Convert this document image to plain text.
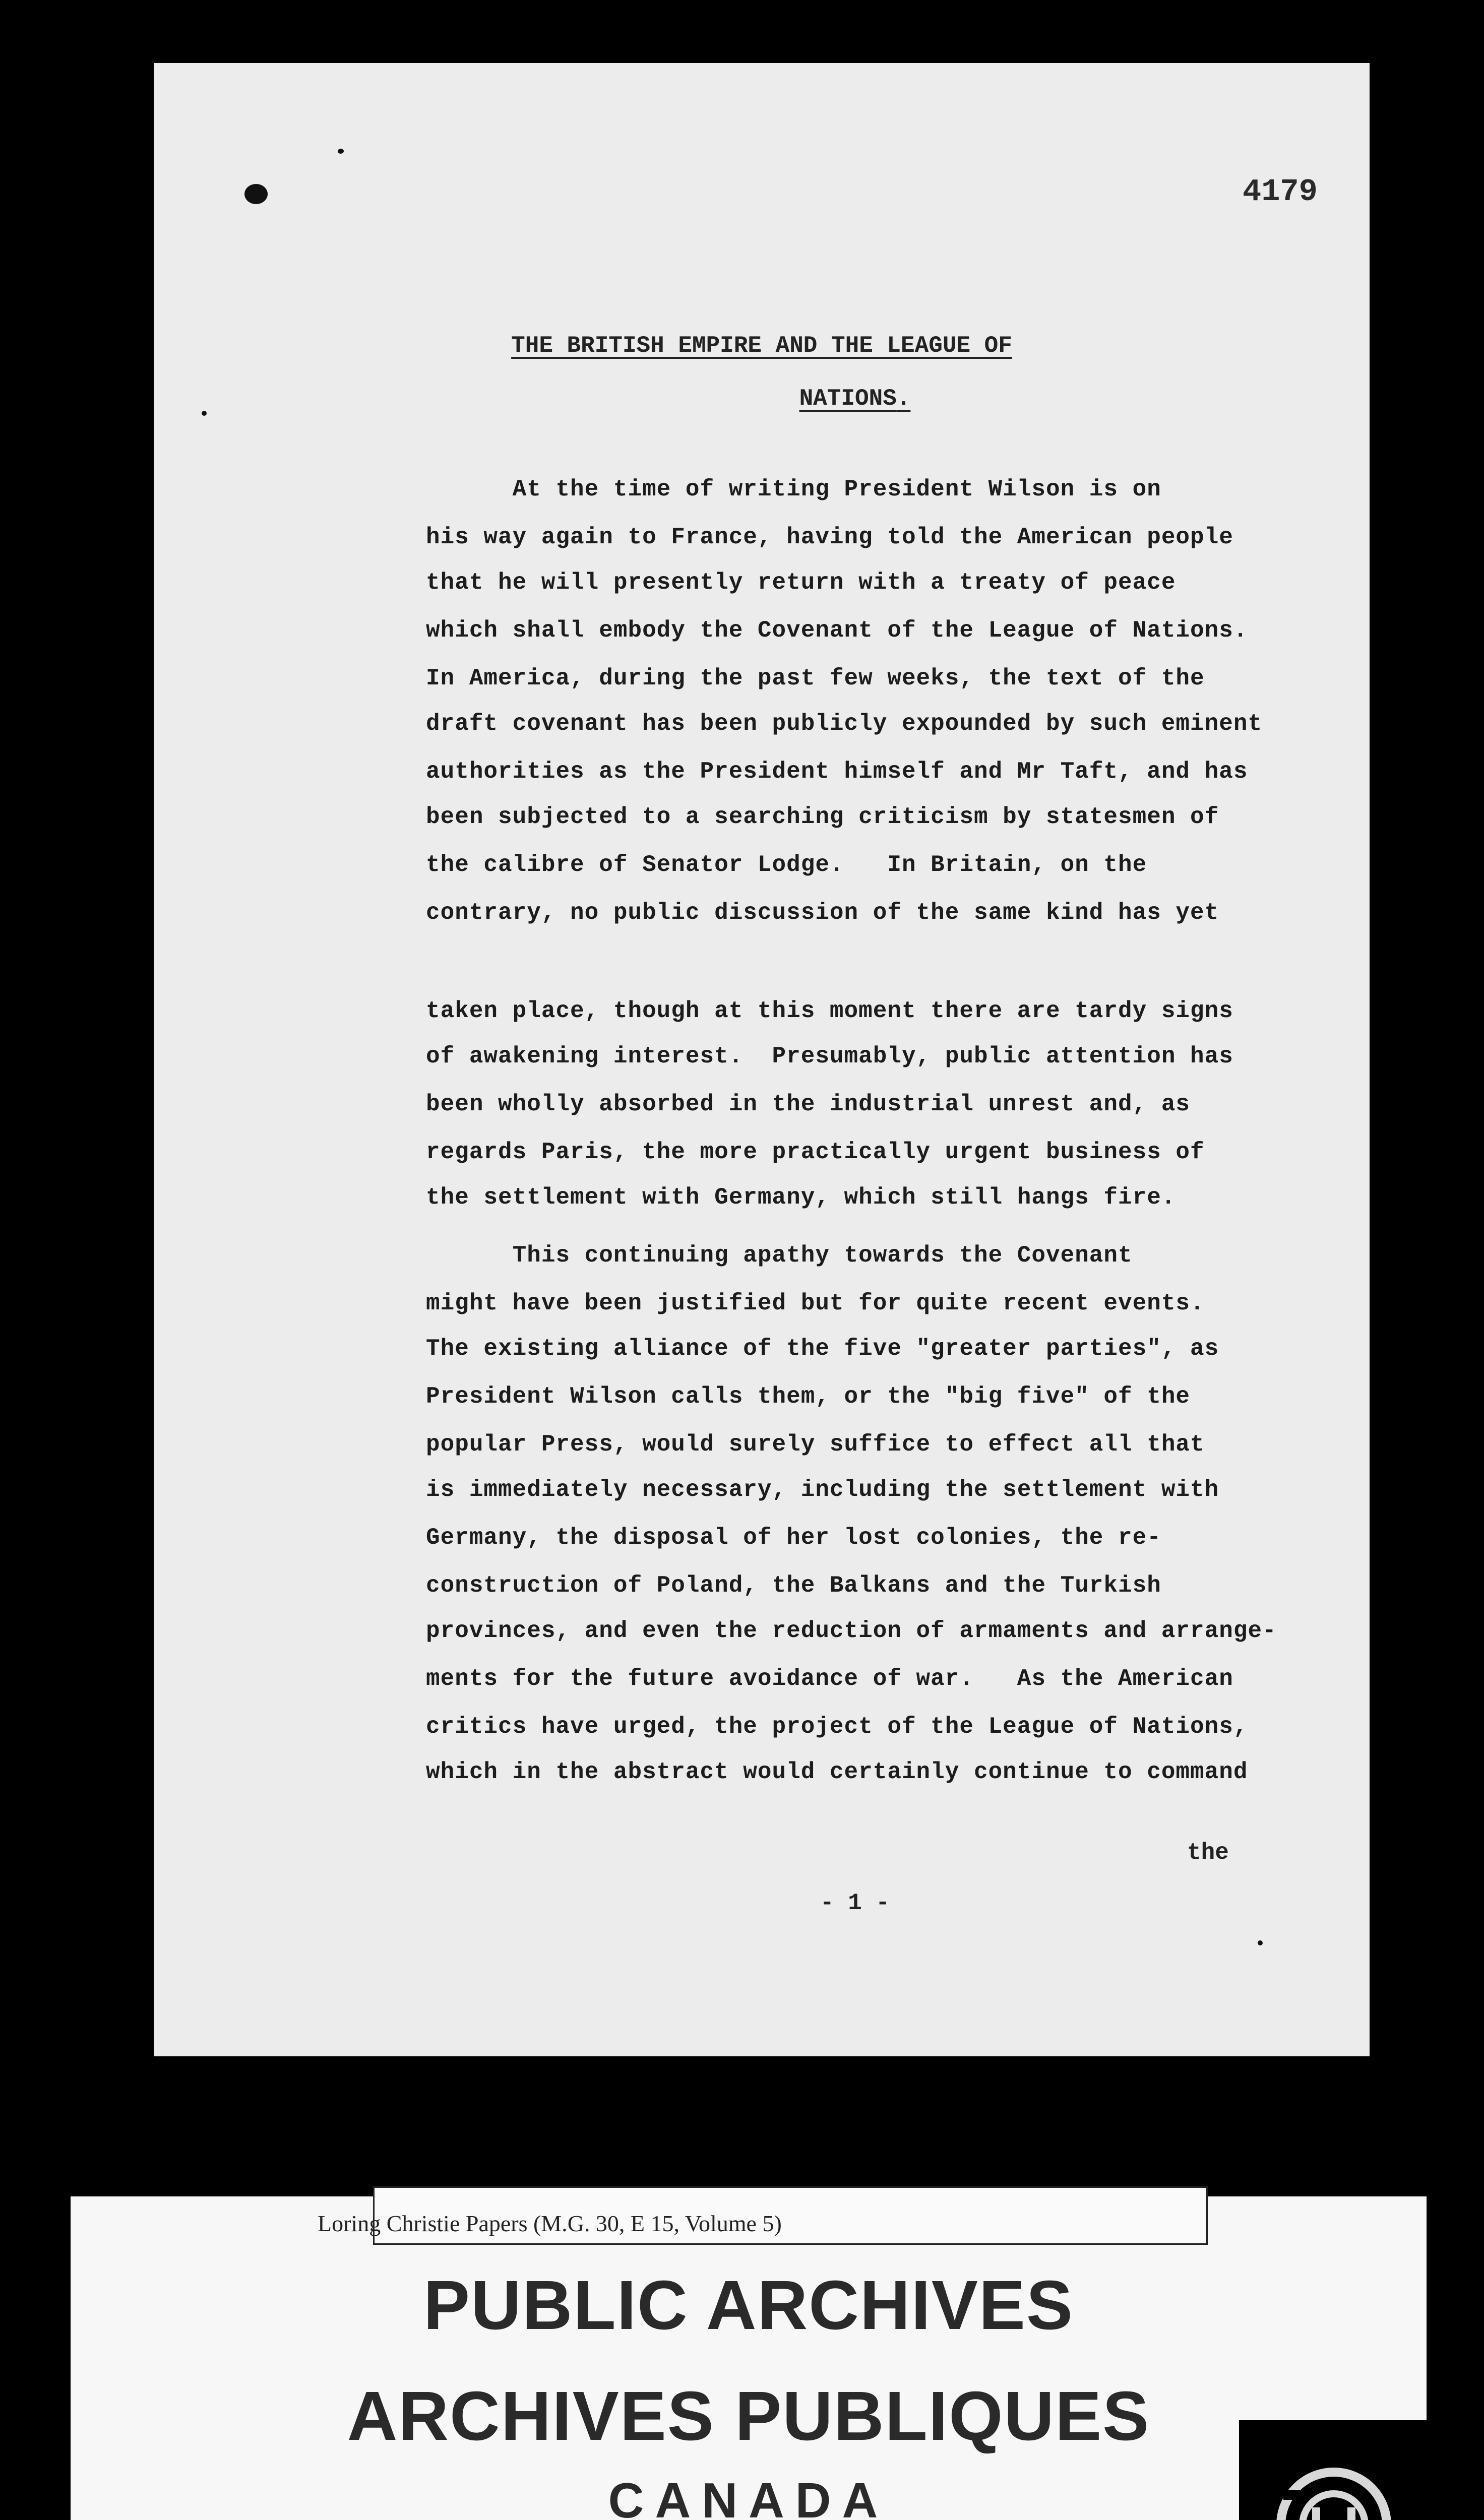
4179
THE BRITISH EMPIRE AND THE LEAGUE OF
NATIONS .
At the time of writing President Wilson is on
his way again to France, having told the American people
that he will presently return with a treaty of peace
which shall embody the Covenant of the League of Nations.
In America, during the past few weeks, the text of the
draft covenant has been publicly expounded by such eminent
authorities as the President himself and Mr Taft, and has
been subjected to a searching criticism by statesmen of
the calibre of Senator Lodge.   In Britain, on the
contrary, no public discussion of the same kind has yet
taken place, though at this moment there are tardy signs
of awakening interest.  Presumably, public attention has
been wholly absorbed in the industrial unrest and, as
regards Paris, the more practically urgent business of
the settlement with Germany, which still hangs fire.
This continuing apathy towards the Covenant
might have been justified but for quite recent events.
The existing alliance of the five "greater parties", as
President Wilson calls them, or the "big five" of the
popular Press, would surely suffice to effect all that
is immediately necessary, including the settlement with
Germany, the disposal of her lost colonies, the re-
construction of Poland, the Balkans and the Turkish
provinces, and even the reduction of armaments and arrange-
ments for the future avoidance of war.   As the American
critics have urged, the project of the League of Nations,
which in the abstract would certainly continue to command
the
- 1 -
Loring Christie Papers (M.G. 30, E 15, Volume 5)
PUBLIC ARCHIVES
ARCHIVES PUBLIQUES
CANADA
